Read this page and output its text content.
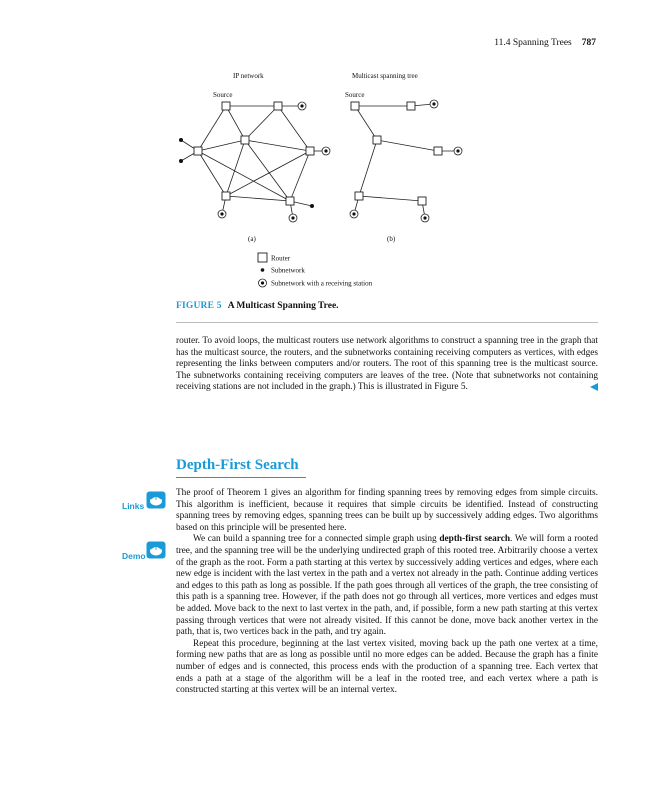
11.4 Spanning Trees 787
IP network	Multicast spanning tree
Source	Source
(a)	(b)
Router
Subnetwork
Subnetwork with a receiving station
FIGURE 5 A Multicast Spanning Tree.

router. To avoid loops, the multicast routers use network algorithms to construct a spanning tree in the graph that has the multicast source, the routers, and the subnetworks containing receiving computers as vertices, with edges representing the links between computers and/or routers. The root of this spanning tree is the multicast source. The subnetworks containing receiving computers are leaves of the tree. (Note that subnetworks not containing receiving stations are not included in the graph.) This is illustrated in Figure 5.

Depth-First Search
Links
Demo

The proof of Theorem 1 gives an algorithm for finding spanning trees by removing edges from simple circuits. This algorithm is inefficient, because it requires that simple circuits be identified. Instead of constructing spanning trees by removing edges, spanning trees can be built up by successively adding edges. Two algorithms based on this principle will be presented here.

We can build a spanning tree for a connected simple graph using depth-first search. We will form a rooted tree, and the spanning tree will be the underlying undirected graph of this rooted tree. Arbitrarily choose a vertex of the graph as the root. Form a path starting at this vertex by successively adding vertices and edges, where each new edge is incident with the last vertex in the path and a vertex not already in the path. Continue adding vertices and edges to this path as long as possible. If the path goes through all vertices of the graph, the tree consisting of this path is a spanning tree. However, if the path does not go through all vertices, more vertices and edges must be added. Move back to the next to last vertex in the path, and, if possible, form a new path starting at this vertex passing through vertices that were not already visited. If this cannot be done, move back another vertex in the path, that is, two vertices back in the path, and try again.

Repeat this procedure, beginning at the last vertex visited, moving back up the path one vertex at a time, forming new paths that are as long as possible until no more edges can be added. Because the graph has a finite number of edges and is connected, this process ends with the production of a spanning tree. Each vertex that ends a path at a stage of the algorithm will be a leaf in the rooted tree, and each vertex where a path is constructed starting at this vertex will be an internal vertex.
